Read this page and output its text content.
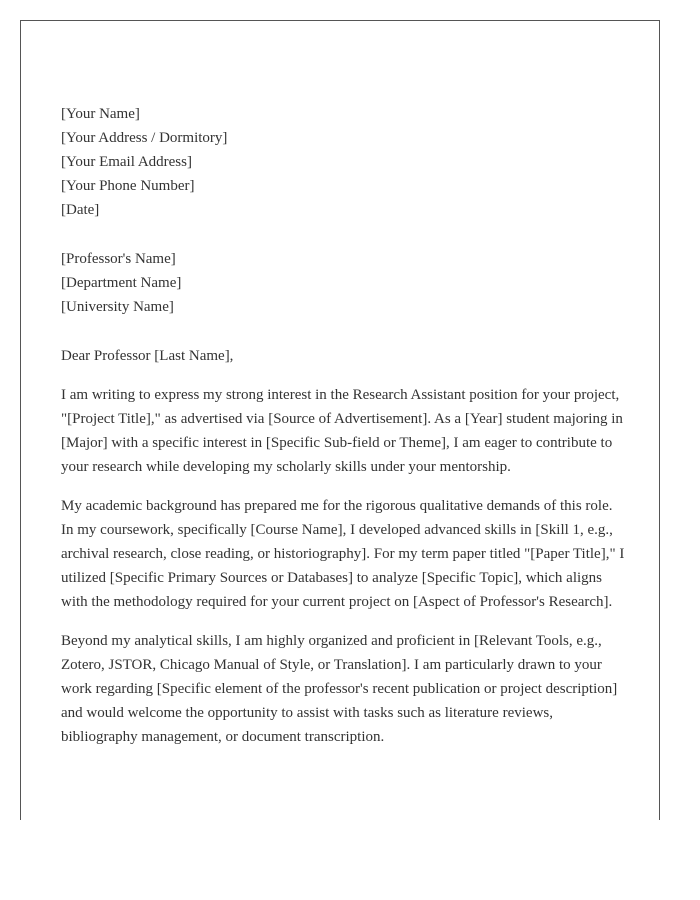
[Your Name]
[Your Address / Dormitory]
[Your Email Address]
[Your Phone Number]
[Date]
[Professor's Name]
[Department Name]
[University Name]

Dear Professor [Last Name],

I am writing to express my strong interest in the Research Assistant position for your project, "[Project Title]," as advertised via [Source of Advertisement]. As a [Year] student majoring in [Major] with a specific interest in [Specific Sub-field or Theme], I am eager to contribute to your research while developing my scholarly skills under your mentorship.

My academic background has prepared me for the rigorous qualitative demands of this role. In my coursework, specifically [Course Name], I developed advanced skills in [Skill 1, e.g., archival research, close reading, or historiography]. For my term paper titled "[Paper Title]," I utilized [Specific Primary Sources or Databases] to analyze [Specific Topic], which aligns with the methodology required for your current project on [Aspect of Professor's Research].

Beyond my analytical skills, I am highly organized and proficient in [Relevant Tools, e.g., Zotero, JSTOR, Chicago Manual of Style, or Translation]. I am particularly drawn to your work regarding [Specific element of the professor's recent publication or project description] and would welcome the opportunity to assist with tasks such as literature reviews, bibliography management, or document transcription.
